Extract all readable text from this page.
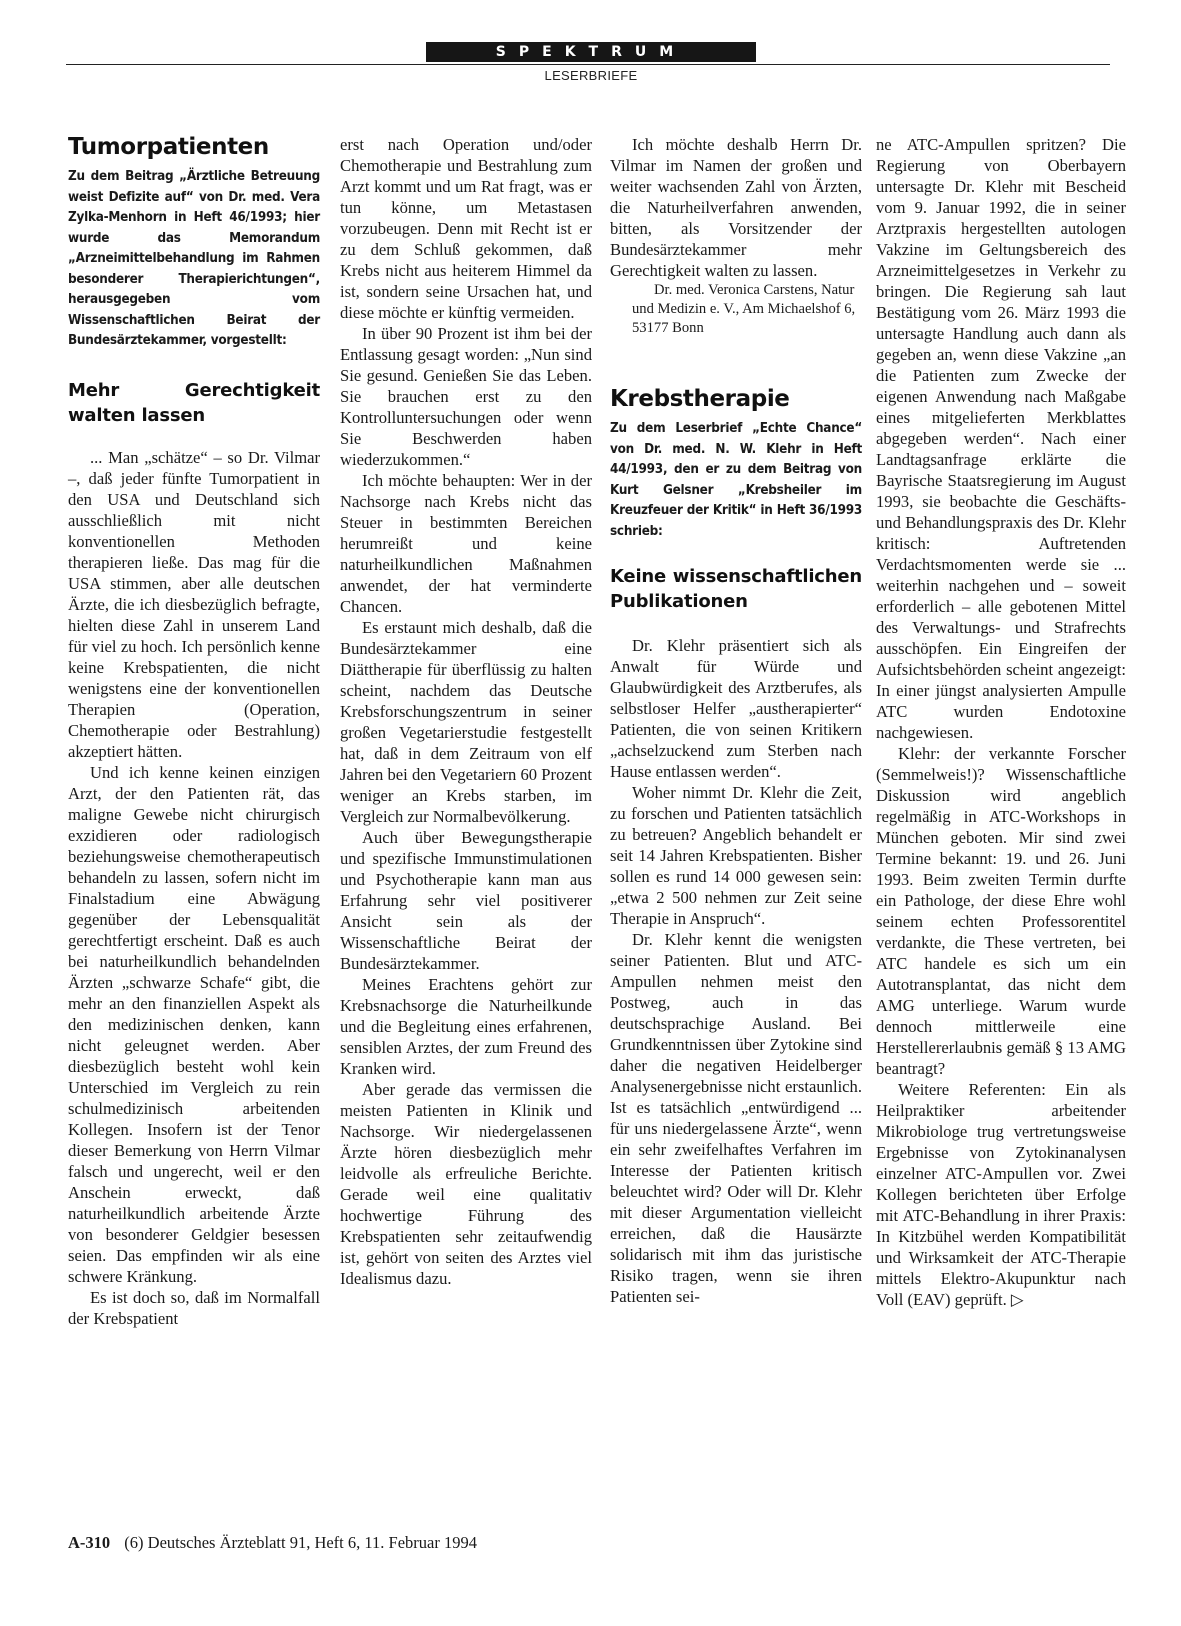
SPEKTRUM
LESERBRIEFE
Tumorpatienten

Zu dem Beitrag „Ärztliche Betreuung weist Defizite auf“ von Dr. med. Vera Zylka-Menhorn in Heft 46/1993; hier wurde das Memorandum „Arzneimittelbehandlung im Rahmen besonderer Therapierichtungen“, herausgegeben vom Wissenschaftlichen Beirat der Bundesärztekammer, vorgestellt:

Mehr Gerechtigkeit walten lassen

... Man „schätze“ – so Dr. Vilmar –, daß jeder fünfte Tumorpatient in den USA und Deutschland sich ausschließlich mit nicht konventionellen Methoden therapieren ließe. Das mag für die USA stimmen, aber alle deutschen Ärzte, die ich diesbezüglich befragte, hielten diese Zahl in unserem Land für viel zu hoch. Ich persönlich kenne keine Krebspatienten, die nicht wenigstens eine der konventionellen Therapien (Operation, Chemotherapie oder Bestrahlung) akzeptiert hätten.

Und ich kenne keinen einzigen Arzt, der den Patienten rät, das maligne Gewebe nicht chirurgisch exzidieren oder radiologisch beziehungsweise chemotherapeutisch behandeln zu lassen, sofern nicht im Finalstadium eine Abwägung gegenüber der Lebensqualität gerechtfertigt erscheint. Daß es auch bei naturheilkundlich behandelnden Ärzten „schwarze Schafe“ gibt, die mehr an den finanziellen Aspekt als den medizinischen denken, kann nicht geleugnet werden. Aber diesbezüglich besteht wohl kein Unterschied im Vergleich zu rein schulmedizinisch arbeitenden Kollegen. Insofern ist der Tenor dieser Bemerkung von Herrn Vilmar falsch und ungerecht, weil er den Anschein erweckt, daß naturheilkundlich arbeitende Ärzte von besonderer Geldgier besessen seien. Das empfinden wir als eine schwere Kränkung.

Es ist doch so, daß im Normalfall der Krebspatient

erst nach Operation und/oder Chemotherapie und Bestrahlung zum Arzt kommt und um Rat fragt, was er tun könne, um Metastasen vorzubeugen. Denn mit Recht ist er zu dem Schluß gekommen, daß Krebs nicht aus heiterem Himmel da ist, sondern seine Ursachen hat, und diese möchte er künftig vermeiden.

In über 90 Prozent ist ihm bei der Entlassung gesagt worden: „Nun sind Sie gesund. Genießen Sie das Leben. Sie brauchen erst zu den Kontrolluntersuchungen oder wenn Sie Beschwerden haben wiederzukommen.“

Ich möchte behaupten: Wer in der Nachsorge nach Krebs nicht das Steuer in bestimmten Bereichen herumreißt und keine naturheilkundlichen Maßnahmen anwendet, der hat verminderte Chancen.

Es erstaunt mich deshalb, daß die Bundesärztekammer eine Diättherapie für überflüssig zu halten scheint, nachdem das Deutsche Krebsforschungszentrum in seiner großen Vegetarierstudie festgestellt hat, daß in dem Zeitraum von elf Jahren bei den Vegetariern 60 Prozent weniger an Krebs starben, im Vergleich zur Normalbevölkerung.

Auch über Bewegungstherapie und spezifische Immunstimulationen und Psychotherapie kann man aus Erfahrung sehr viel positiverer Ansicht sein als der Wissenschaftliche Beirat der Bundesärztekammer.

Meines Erachtens gehört zur Krebsnachsorge die Naturheilkunde und die Begleitung eines erfahrenen, sensiblen Arztes, der zum Freund des Kranken wird.

Aber gerade das vermissen die meisten Patienten in Klinik und Nachsorge. Wir niedergelassenen Ärzte hören diesbezüglich mehr leidvolle als erfreuliche Berichte. Gerade weil eine qualitativ hochwertige Führung des Krebspatienten sehr zeitaufwendig ist, gehört von seiten des Arztes viel Idealismus dazu.

Ich möchte deshalb Herrn Dr. Vilmar im Namen der großen und weiter wachsenden Zahl von Ärzten, die Naturheilverfahren anwenden, bitten, als Vorsitzender der Bundesärztekammer mehr Gerechtigkeit walten zu lassen.

Dr. med. Veronica Carstens, Natur und Medizin e. V., Am Michaelshof 6, 53177 Bonn

Krebstherapie

Zu dem Leserbrief „Echte Chance“ von Dr. med. N. W. Klehr in Heft 44/1993, den er zu dem Beitrag von Kurt Gelsner „Krebsheiler im Kreuzfeuer der Kritik“ in Heft 36/1993 schrieb:

Keine wissenschaftlichen Publikationen

Dr. Klehr präsentiert sich als Anwalt für Würde und Glaubwürdigkeit des Arztberufes, als selbstloser Helfer „austherapierter“ Patienten, die von seinen Kritikern „achselzuckend zum Sterben nach Hause entlassen werden“.

Woher nimmt Dr. Klehr die Zeit, zu forschen und Patienten tatsächlich zu betreuen? Angeblich behandelt er seit 14 Jahren Krebspatienten. Bisher sollen es rund 14 000 gewesen sein: „etwa 2 500 nehmen zur Zeit seine Therapie in Anspruch“.

Dr. Klehr kennt die wenigsten seiner Patienten. Blut und ATC-Ampullen nehmen meist den Postweg, auch in das deutschsprachige Ausland. Bei Grundkenntnissen über Zytokine sind daher die negativen Heidelberger Analysenergebnisse nicht erstaunlich. Ist es tatsächlich „entwürdigend ... für uns niedergelassene Ärzte“, wenn ein sehr zweifelhaftes Verfahren im Interesse der Patienten kritisch beleuchtet wird? Oder will Dr. Klehr mit dieser Argumentation vielleicht erreichen, daß die Hausärzte solidarisch mit ihm das juristische Risiko tragen, wenn sie ihren Patienten sei-

ne ATC-Ampullen spritzen? Die Regierung von Oberbayern untersagte Dr. Klehr mit Bescheid vom 9. Januar 1992, die in seiner Arztpraxis hergestellten autologen Vakzine im Geltungsbereich des Arzneimittelgesetzes in Verkehr zu bringen. Die Regierung sah laut Bestätigung vom 26. März 1993 die untersagte Handlung auch dann als gegeben an, wenn diese Vakzine „an die Patienten zum Zwecke der eigenen Anwendung nach Maßgabe eines mitgelieferten Merkblattes abgegeben werden“. Nach einer Landtagsanfrage erklärte die Bayrische Staatsregierung im August 1993, sie beobachte die Geschäfts- und Behandlungspraxis des Dr. Klehr kritisch: Auftretenden Verdachtsmomenten werde sie ... weiterhin nachgehen und – soweit erforderlich – alle gebotenen Mittel des Verwaltungs- und Strafrechts ausschöpfen. Ein Eingreifen der Aufsichtsbehörden scheint angezeigt: In einer jüngst analysierten Ampulle ATC wurden Endotoxine nachgewiesen.

Klehr: der verkannte Forscher (Semmelweis!)? Wissenschaftliche Diskussion wird angeblich regelmäßig in ATC-Workshops in München geboten. Mir sind zwei Termine bekannt: 19. und 26. Juni 1993. Beim zweiten Termin durfte ein Pathologe, der diese Ehre wohl seinem echten Professorentitel verdankte, die These vertreten, bei ATC handele es sich um ein Autotransplantat, das nicht dem AMG unterliege. Warum wurde dennoch mittlerweile eine Herstellererlaubnis gemäß § 13 AMG beantragt?

Weitere Referenten: Ein als Heilpraktiker arbeitender Mikrobiologe trug vertretungsweise Ergebnisse von Zytokinanalysen einzelner ATC-Ampullen vor. Zwei Kollegen berichteten über Erfolge mit ATC-Behandlung in ihrer Praxis: In Kitzbühel werden Kompatibilität und Wirksamkeit der ATC-Therapie mittels Elektro-Akupunktur nach Voll (EAV) geprüft. ▷

A-310 (6) Deutsches Ärzteblatt 91, Heft 6, 11. Februar 1994
